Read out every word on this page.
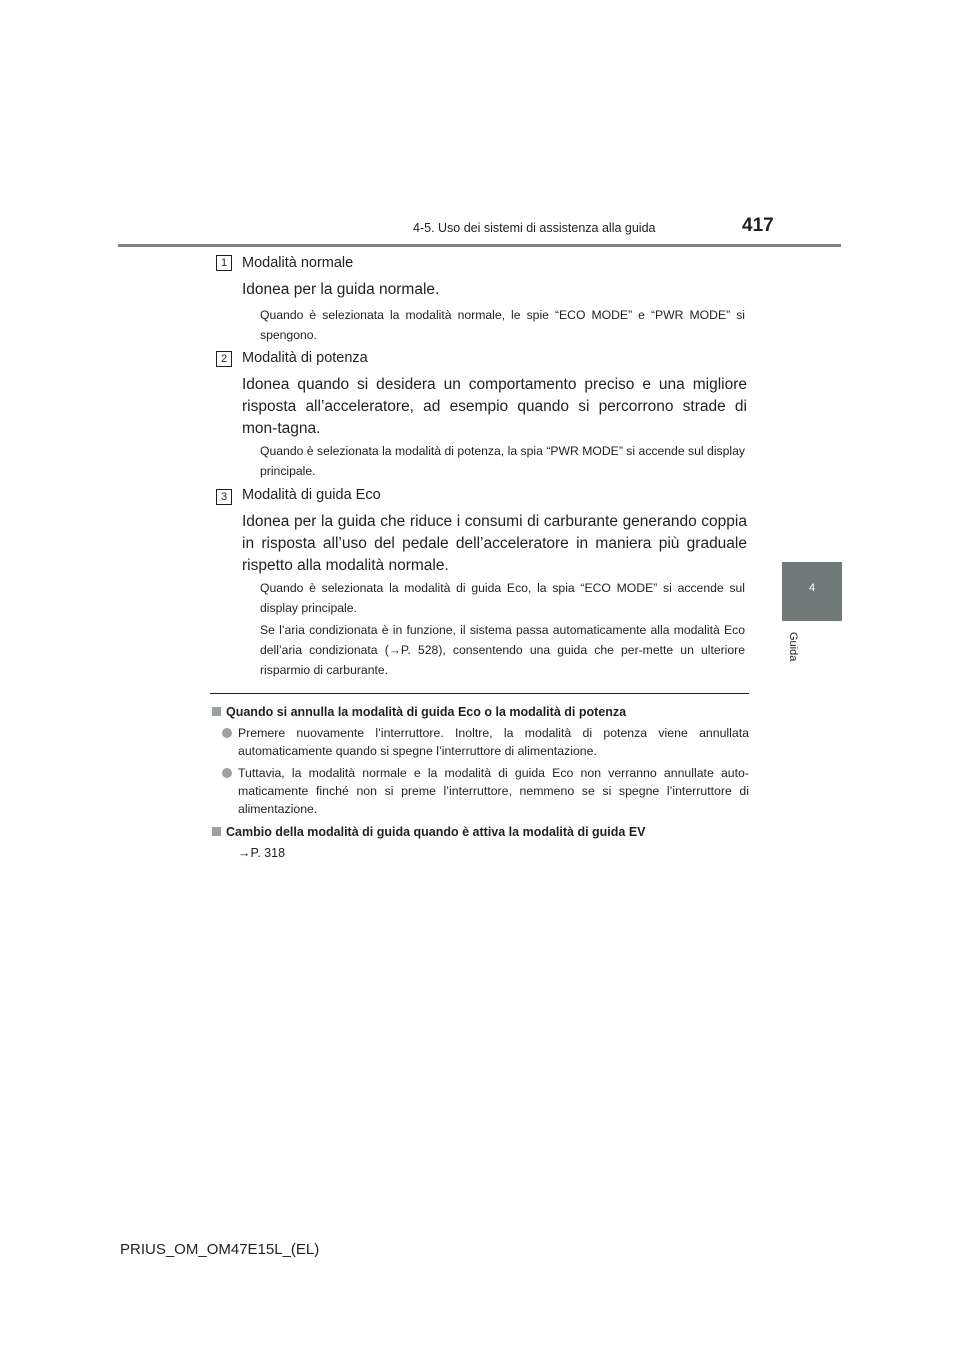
4-5. Uso dei sistemi di assistenza alla guida	417
4
Guida
1	Modalità normale
Idonea per la guida normale.
Quando è selezionata la modalità normale, le spie “ECO MODE” e “PWR MODE” si spengono.
2	Modalità di potenza
Idonea quando si desidera un comportamento preciso e una migliore risposta all’acceleratore, ad esempio quando si percorrono strade di mon-tagna.
Quando è selezionata la modalità di potenza, la spia “PWR MODE” si accende sul display principale.
3	Modalità di guida Eco
Idonea per la guida che riduce i consumi di carburante generando coppia in risposta all’uso del pedale dell’acceleratore in maniera più graduale rispetto alla modalità normale.
Quando è selezionata la modalità di guida Eco, la spia “ECO MODE” si accende sul display principale.
Se l’aria condizionata è in funzione, il sistema passa automaticamente alla modalità Eco dell’aria condizionata (→P. 528), consentendo una guida che per-mette un ulteriore risparmio di carburante.
Quando si annulla la modalità di guida Eco o la modalità di potenza
Premere nuovamente l’interruttore. Inoltre, la modalità di potenza viene annullata automaticamente quando si spegne l’interruttore di alimentazione.
Tuttavia, la modalità normale e la modalità di guida Eco non verranno annullate auto-maticamente finché non si preme l’interruttore, nemmeno se si spegne l’interruttore di alimentazione.
Cambio della modalità di guida quando è attiva la modalità di guida EV
→P. 318
PRIUS_OM_OM47E15L_(EL)
